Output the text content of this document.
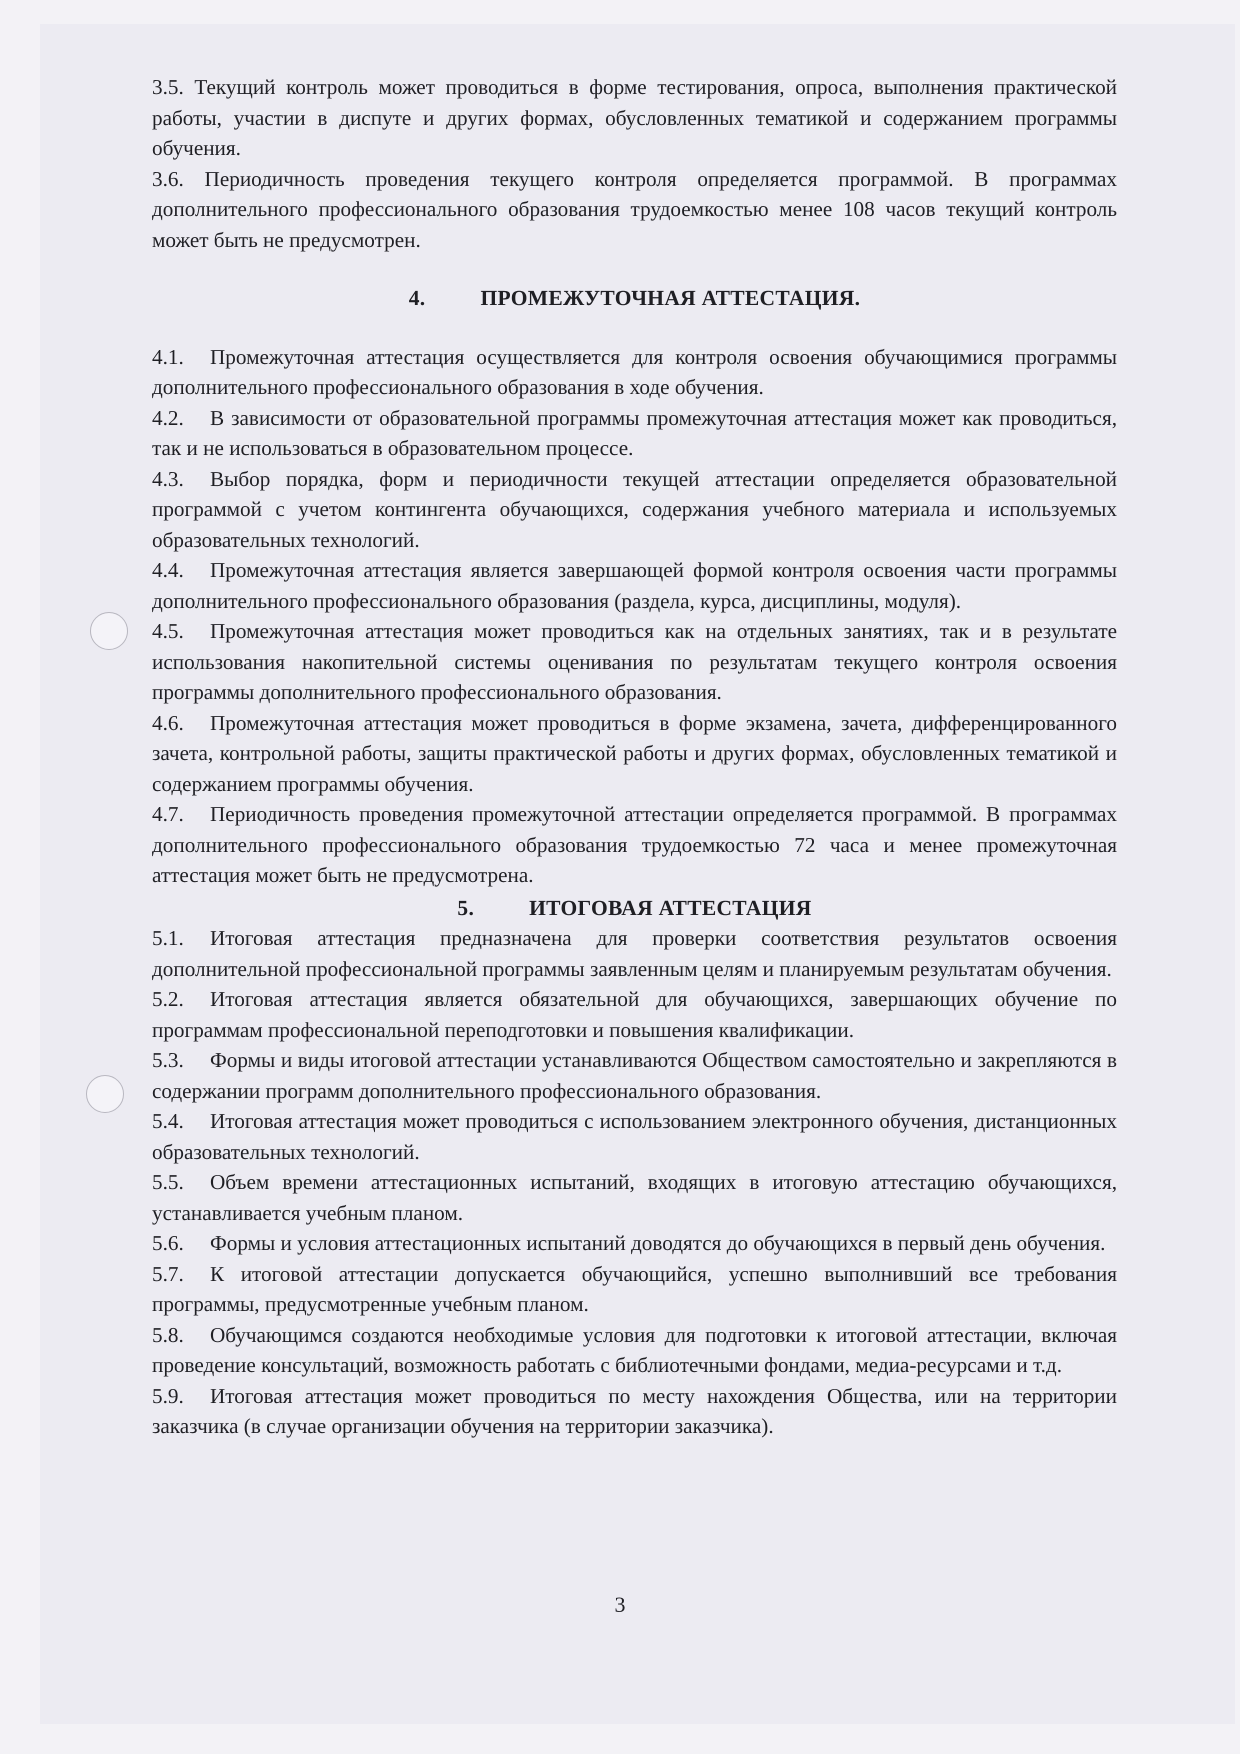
3.5. Текущий контроль может проводиться в форме тестирования, опроса, выполнения практической работы, участии в диспуте и других формах, обусловленных тематикой и содержанием программы обучения.

3.6. Периодичность проведения текущего контроля определяется программой. В программах дополнительного профессионального образования трудоемкостью менее 108 часов текущий контроль может быть не предусмотрен.

4.	ПРОМЕЖУТОЧНАЯ АТТЕСТАЦИЯ.

4.1. Промежуточная аттестация осуществляется для контроля освоения обучающимися программы дополнительного профессионального образования в ходе обучения.

4.2. В зависимости от образовательной программы промежуточная аттестация может как проводиться, так и не использоваться в образовательном процессе.

4.3. Выбор порядка, форм и периодичности текущей аттестации определяется образовательной программой с учетом контингента обучающихся, содержания учебного материала и используемых образовательных технологий.

4.4. Промежуточная аттестация является завершающей формой контроля освоения части программы дополнительного профессионального образования (раздела, курса, дисциплины, модуля).

4.5. Промежуточная аттестация может проводиться как на отдельных занятиях, так и в результате использования накопительной системы оценивания по результатам текущего контроля освоения программы дополнительного профессионального образования.

4.6. Промежуточная аттестация может проводиться в форме экзамена, зачета, дифференцированного зачета, контрольной работы, защиты практической работы и других формах, обусловленных тематикой и содержанием программы обучения.

4.7. Периодичность проведения промежуточной аттестации определяется программой. В программах дополнительного профессионального образования трудоемкостью 72 часа и менее промежуточная аттестация может быть не предусмотрена.

5.	ИТОГОВАЯ АТТЕСТАЦИЯ

5.1. Итоговая аттестация предназначена для проверки соответствия результатов освоения дополнительной профессиональной программы заявленным целям и планируемым результатам обучения.

5.2. Итоговая аттестация является обязательной для обучающихся, завершающих обучение по программам профессиональной переподготовки и повышения квалификации.

5.3. Формы и виды итоговой аттестации устанавливаются Обществом самостоятельно и закрепляются в содержании программ дополнительного профессионального образования.

5.4. Итоговая аттестация может проводиться с использованием электронного обучения, дистанционных образовательных технологий.

5.5. Объем времени аттестационных испытаний, входящих в итоговую аттестацию обучающихся, устанавливается учебным планом.

5.6. Формы и условия аттестационных испытаний доводятся до обучающихся в первый день обучения.

5.7. К итоговой аттестации допускается обучающийся, успешно выполнивший все требования программы, предусмотренные учебным планом.

5.8. Обучающимся создаются необходимые условия для подготовки к итоговой аттестации, включая проведение консультаций, возможность работать с библиотечными фондами, медиа-ресурсами и т.д.

5.9. Итоговая аттестация может проводиться по месту нахождения Общества, или на территории заказчика (в случае организации обучения на территории заказчика).

3
